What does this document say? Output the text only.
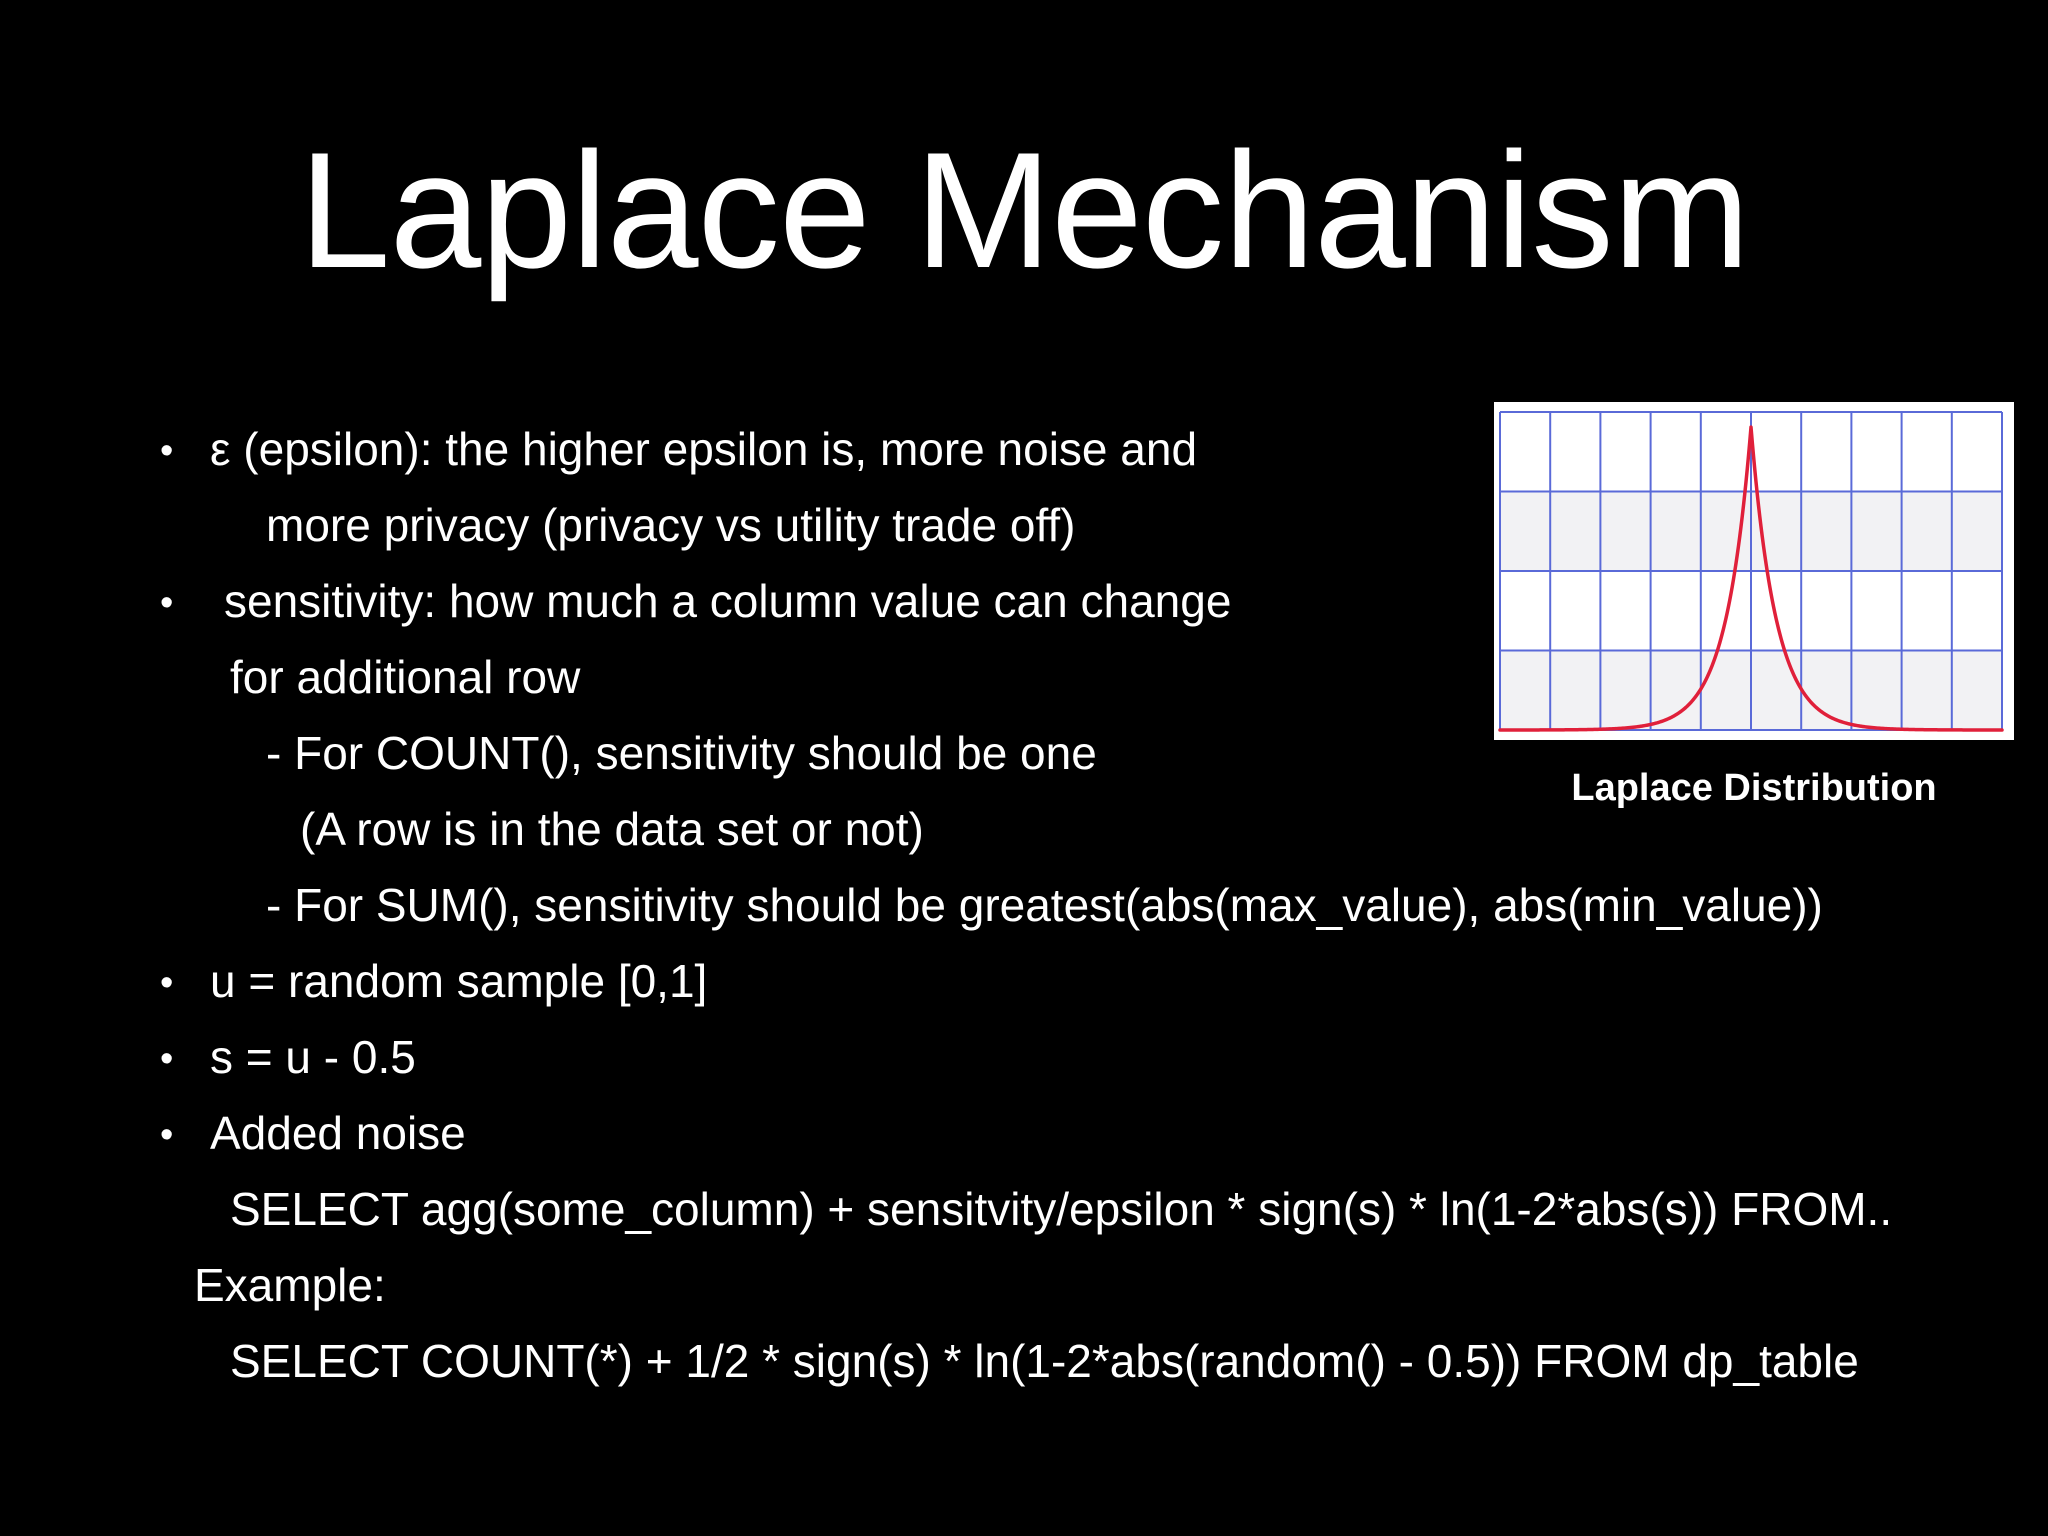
Laplace Mechanism
•
•
•
•
•
ε (epsilon): the higher epsilon is, more noise and
more privacy (privacy vs utility trade off)
sensitivity: how much a column value can change
for additional row
- For COUNT(), sensitivity should be one
(A row is in the data set or not)
- For SUM(), sensitivity should be greatest(abs(max_value), abs(min_value))
u = random sample [0,1]
s = u - 0.5
Added noise
SELECT agg(some_column) + sensitvity/epsilon * sign(s) * ln(1-2*abs(s)) FROM..
Example:
SELECT COUNT(*) + 1/2 * sign(s) * ln(1-2*abs(random() - 0.5)) FROM dp_table
Laplace Distribution
